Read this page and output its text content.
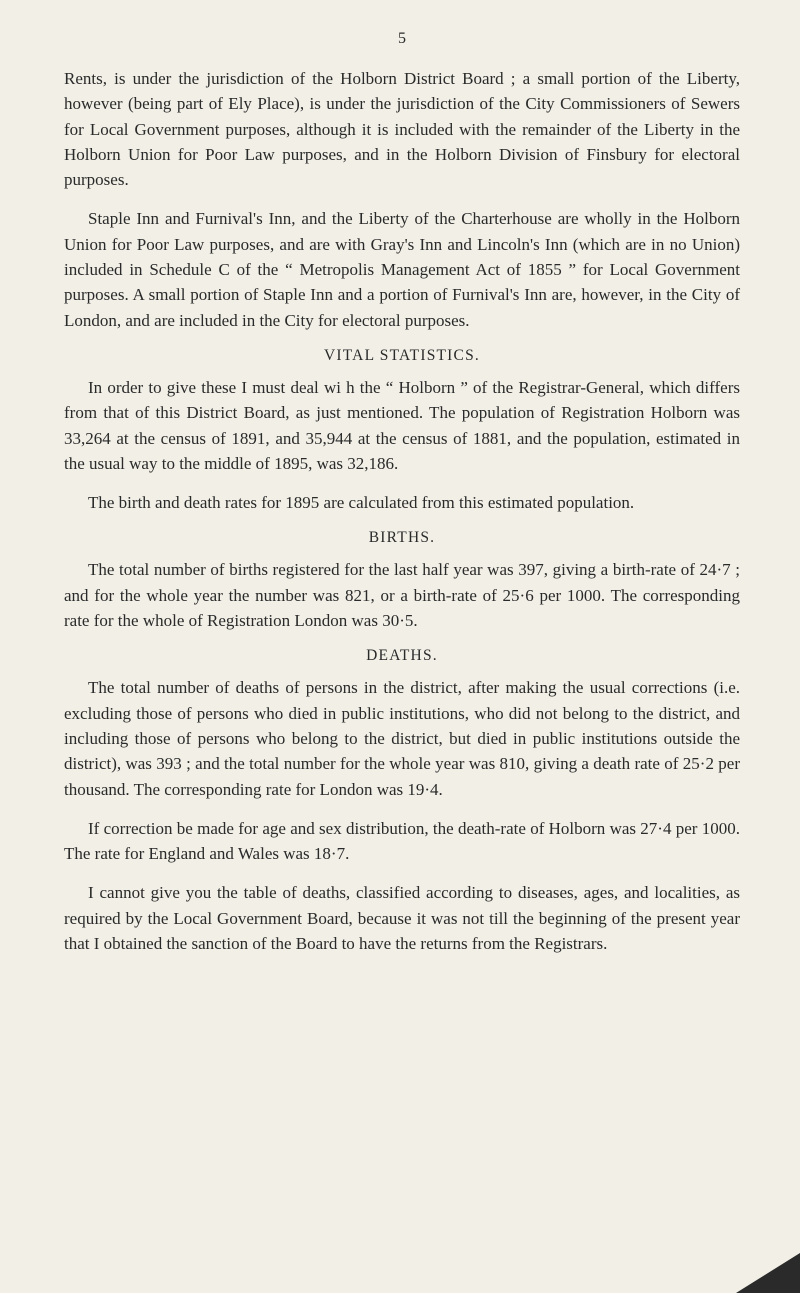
5

Rents, is under the jurisdiction of the Holborn District Board ; a small portion of the Liberty, however (being part of Ely Place), is under the jurisdiction of the City Commissioners of Sewers for Local Government purposes, although it is included with the remainder of the Liberty in the Holborn Union for Poor Law purposes, and in the Holborn Division of Finsbury for electoral purposes.

Staple Inn and Furnival's Inn, and the Liberty of the Charterhouse are wholly in the Holborn Union for Poor Law purposes, and are with Gray's Inn and Lincoln's Inn (which are in no Union) included in Schedule C of the “ Metropolis Management Act of 1855 ” for Local Government purposes. A small portion of Staple Inn and a portion of Furnival's Inn are, however, in the City of London, and are included in the City for electoral purposes.

VITAL STATISTICS.

In order to give these I must deal wi h the “ Holborn ” of the Registrar-General, which differs from that of this District Board, as just mentioned. The population of Registration Holborn was 33,264 at the census of 1891, and 35,944 at the census of 1881, and the population, estimated in the usual way to the middle of 1895, was 32,186.

The birth and death rates for 1895 are calculated from this estimated population.

BIRTHS.

The total number of births registered for the last half year was 397, giving a birth-rate of 24·7 ; and for the whole year the number was 821, or a birth-rate of 25·6 per 1000. The corresponding rate for the whole of Registration London was 30·5.

DEATHS.

The total number of deaths of persons in the district, after making the usual corrections (i.e. excluding those of persons who died in public institutions, who did not belong to the district, and including those of persons who belong to the district, but died in public institutions outside the district), was 393 ; and the total number for the whole year was 810, giving a death rate of 25·2 per thousand. The corresponding rate for London was 19·4.

If correction be made for age and sex distribution, the death-rate of Holborn was 27·4 per 1000. The rate for England and Wales was 18·7.

I cannot give you the table of deaths, classified according to diseases, ages, and localities, as required by the Local Government Board, because it was not till the beginning of the present year that I obtained the sanction of the Board to have the returns from the Registrars.
